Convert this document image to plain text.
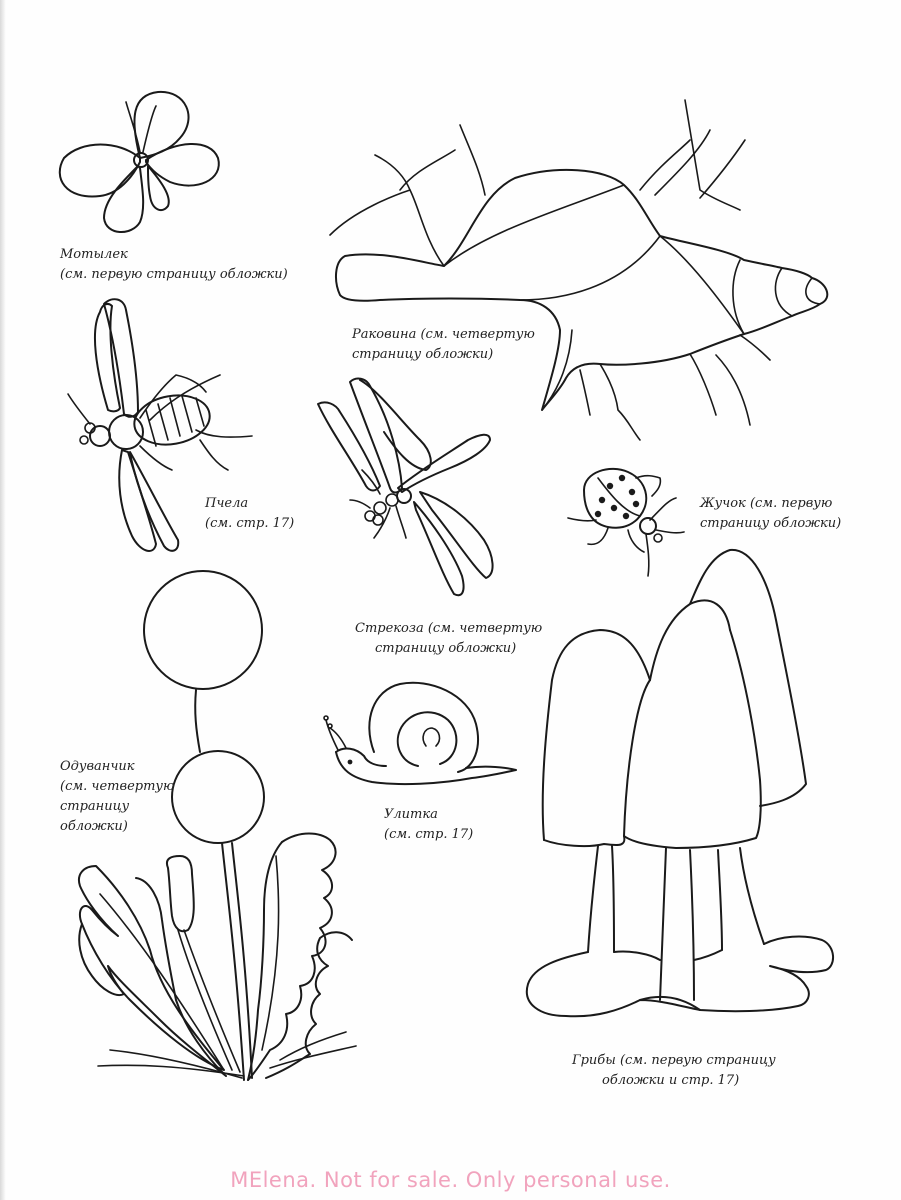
Мотылек
(см. первую страницу обложки)
Раковина (см. четвертую
страницу обложки)
Пчела
(см. стр. 17)
Жучок (см. первую
страницу обложки)
Стрекоза (см. четвертую
страницу обложки)
Одуванчик
(см. четвертую
страницу
обложки)
Улитка
(см. стр. 17)
Грибы (см. первую страницу
обложки и стр. 17)
MElena. Not for sale. Only personal use.
